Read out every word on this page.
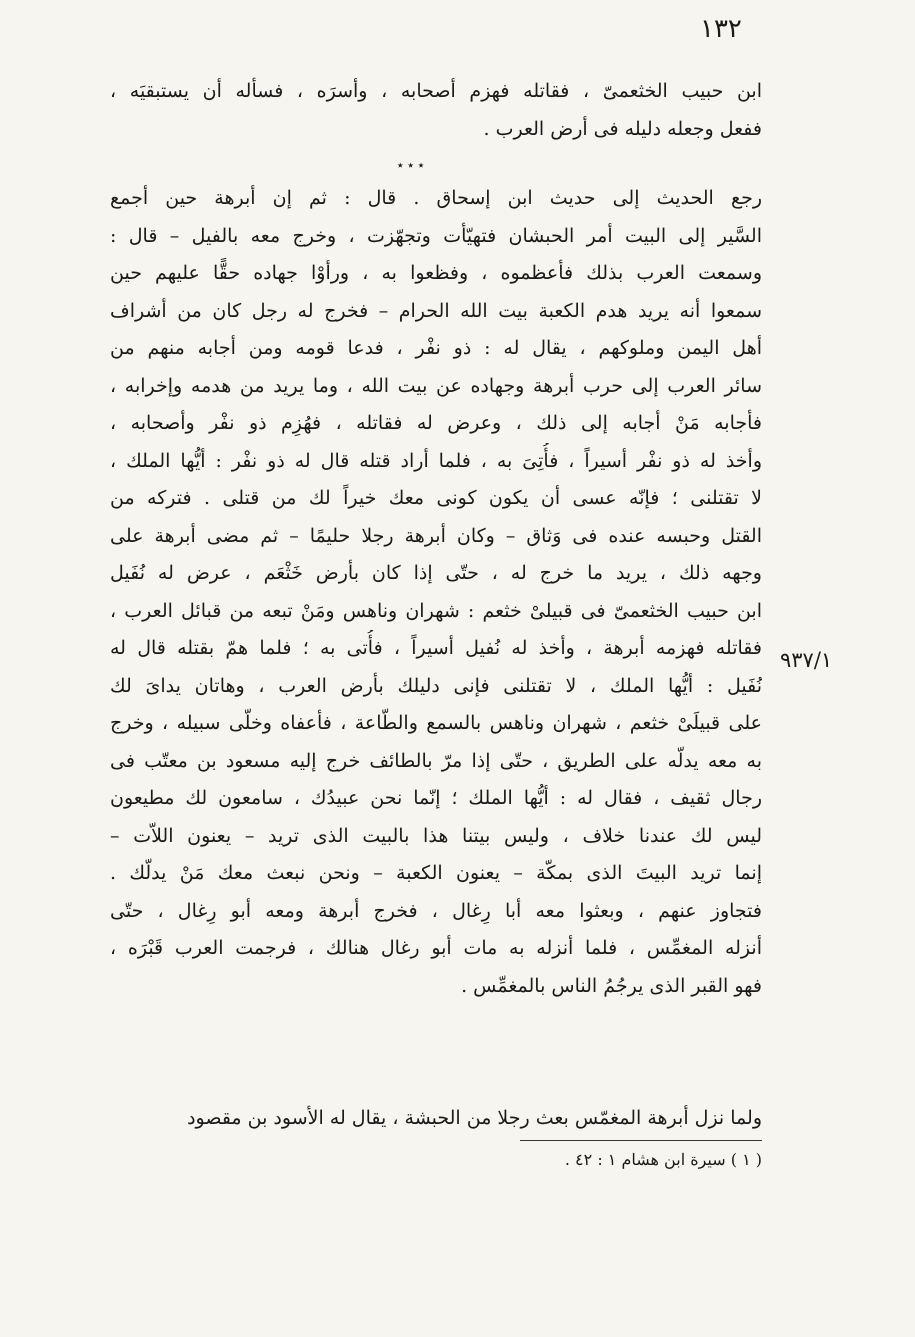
١٣٢
٩٣٧/١
ابن حبيب الخثعمىّ ، فقاتله فهزم أصحابه ، وأسرَه ، فسأله أن يستبقيَه ،
ففعل وجعله دليله فى أرض العرب .
٭ ٭ ٭
رجع الحديث إلى حديث ابن إسحاق . قال : ثم إن أبرهة حين أجمع
السَّير إلى البيت أمر الحبشان فتهيّأت وتجهّزت ، وخرج معه بالفيل – قال :
وسمعت العرب بذلك فأعظموه ، وفظعوا به ، ورأوْا جهاده حقًّا عليهم حين
سمعوا أنه يريد هدم الكعبة بيت الله الحرام – فخرج له رجل كان من أشراف
أهل اليمن وملوكهم ، يقال له : ذو نفْر ، فدعا قومه ومن أجابه منهم من
سائر العرب إلى حرب أبرهة وجهاده عن بيت الله ، وما يريد من هدمه وإخرابه ،
فأجابه مَنْ أجابه إلى ذلك ، وعرض له فقاتله ، فهُزِم ذو نفْر وأصحابه ،
وأخذ له ذو نفْر أسيراً ، فأُتِىَ به ، فلما أراد قتله قال له ذو نفْر : أيُّها الملك ،
لا تقتلنى ؛ فإنّه عسى أن يكون كونى معك خيراً لك من قتلى . فتركه من
القتل وحبسه عنده فى وَثاق – وكان أبرهة رجلا حليمًا – ثم مضى أبرهة على
وجهه ذلك ، يريد ما خرج له ، حتّى إذا كان بأرض خَثْعَم ، عرض له نُفَيل
ابن حبيب الخثعمىّ فى قبيلىْ خثعم : شهران وناهس ومَنْ تبعه من قبائل العرب ،
فقاتله فهزمه أبرهة ، وأخذ له نُفيل أسيراً ، فأُتى به ؛ فلما همّ بقتله قال له
نُفَيل : أيُّها الملك ، لا تقتلنى فإنى دليلك بأرض العرب ، وهاتان يداىَ لك
على قبيلَىْ خثعم ، شهران وناهس بالسمع والطّاعة ، فأعفاه وخلّى سبيله ، وخرج
به معه يدلّه على الطريق ، حتّى إذا مرّ بالطائف خرج إليه مسعود بن معتّب فى
رجال ثقيف ، فقال له : أيُّها الملك ؛ إنّما نحن عبيدُك ، سامعون لك مطيعون
ليس لك عندنا خلاف ، وليس بيتنا هذا بالبيت الذى تريد – يعنون اللاّت –
إنما تريد البيتَ الذى بمكّة – يعنون الكعبة – ونحن نبعث معك مَنْ يدلّك .
فتجاوز عنهم ، وبعثوا معه أبا رِغال ، فخرج أبرهة ومعه أبو رِغال ، حتّى
أنزله المغمِّس ، فلما أنزله به مات أبو رغال هنالك ، فرجمت العرب قَبْرَه ،
فهو القبر الذى يرجُمُ الناس بالمغمِّس .
ولما نزل أبرهة المغمّس بعث رجلا من الحبشة ، يقال له الأسود بن مقصود
( ١ ) سيرة ابن هشام ١ : ٤٢ .
